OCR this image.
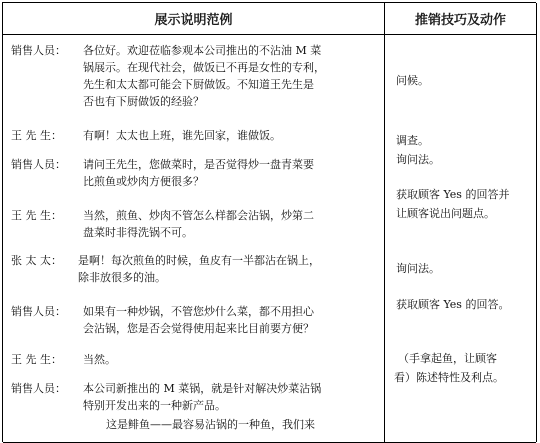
展示说明范例	推销技巧及动作
销售人员： 各位好。欢迎莅临参观本公司推出的不沾油 M 菜
锅展示。在现代社会，做饭已不再是女性的专利，
先生和太太都可能会下厨做饭。不知道王先生是
否也有下厨做饭的经验？
王 先 生： 有啊！太太也上班，谁先回家，谁做饭。
销售人员： 请问王先生，您做菜时，是否觉得炒一盘青菜要
比煎鱼或炒肉方便很多？
王 先 生： 当然，煎鱼、炒肉不管怎么样都会沾锅，炒第二
盘菜时非得洗锅不可。
张 太 太： 是啊！每次煎鱼的时候，鱼皮有一半都沾在锅上，
除非放很多的油。
销售人员： 如果有一种炒锅，不管您炒什么菜，都不用担心
会沾锅，您是否会觉得使用起来比目前要方便？
王 先 生： 当然。
销售人员： 本公司新推出的 M 菜锅，就是针对解决炒菜沾锅
特别开发出来的一种新产品。
这是鲱鱼——最容易沾锅的一种鱼，我们来
问候。
调查。
询问法。
获取顾客 Yes 的回答并
让顾客说出问题点。
询问法。
获取顾客 Yes 的回答。
（手拿起鱼，让顾客
看）陈述特性及利点。
